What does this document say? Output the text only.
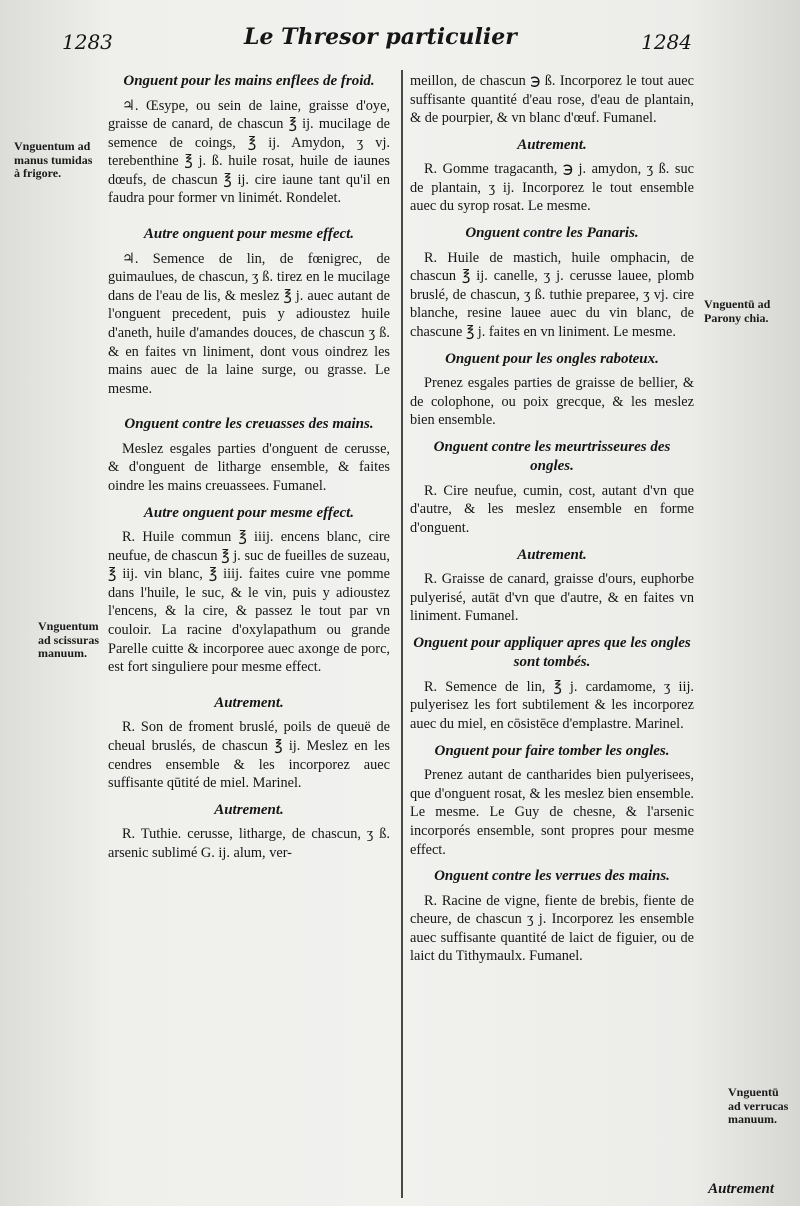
1283	Le Thresor particulier	1284
Onguent pour les mains enflees de froid.

♃. Œsype, ou sein de laine, graisse d'oye, graisse de canard, de chascun ℥ ij. mucilage de semence de coings, ℥ ij. Amydon, ʒ vj. terebenthine ℥ j. ß. huile rosat, huile de iaunes dœufs, de chascun ℥ ij. cire iaune tant qu'il en faudra pour former vn linimét. Rondelet.

Autre onguent pour mesme effect.

♃. Semence de lin, de fœnigrec, de guimaulues, de chascun, ʒ ß. tirez en le mucilage dans de l'eau de lis, & meslez ℥ j. auec autant de l'onguent precedent, puis y adioustez huile d'aneth, huile d'amandes douces, de chascun ʒ ß. & en faites vn liniment, dont vous oindrez les mains auec de la laine surge, ou grasse. Le mesme.

Onguent contre les creuasses des mains.

Meslez esgales parties d'onguent de cerusse, & d'onguent de litharge ensemble, & faites oindre les mains creuassees. Fumanel.

Autre onguent pour mesme effect.

R. Huile commun ℥ iiij. encens blanc, cire neufue, de chascun ℥ j. suc de fueilles de suzeau, ℥ iij. vin blanc, ℥ iiij. faites cuire vne pomme dans l'huile, le suc, & le vin, puis y adioustez l'encens, & la cire, & passez le tout par vn couloir. La racine d'oxylapathum ou grande Parelle cuitte & incorporee auec axonge de porc, est fort singuliere pour mesme effect.

Autrement.

R. Son de froment bruslé, poils de queuë de cheual bruslés, de chascun ℥ ij. Meslez en les cendres ensemble & les incorporez auec suffisante qūtité de miel. Marinel.

Autrement.

R. Tuthie. cerusse, litharge, de chascun, ʒ ß. arsenic sublimé G. ij. alum, ver-

meillon, de chascun ℈ ß. Incorporez le tout auec suffisante quantité d'eau rose, d'eau de plantain, & de pourpier, & vn blanc d'œuf. Fumanel.

Autrement.

R. Gomme tragacanth, ℈ j. amydon, ʒ ß. suc de plantain, ʒ ij. Incorporez le tout ensemble auec du syrop rosat. Le mesme.

Onguent contre les Panaris.

R. Huile de mastich, huile omphacin, de chascun ℥ ij. canelle, ʒ j. cerusse lauee, plomb bruslé, de chascun, ʒ ß. tuthie preparee, ʒ vj. cire blanche, resine lauee auec du vin blanc, de chascune ℥ j. faites en vn liniment. Le mesme.

Onguent pour les ongles raboteux.

Prenez esgales parties de graisse de bellier, & de colophone, ou poix grecque, & les meslez bien ensemble.

Onguent contre les meurtrisseures des ongles.

R. Cire neufue, cumin, cost, autant d'vn que d'autre, & les meslez ensemble en forme d'onguent.

Autrement.

R. Graisse de canard, graisse d'ours, euphorbe pulуerisé, autāt d'vn que d'autre, & en faites vn liniment. Fumanel.

Onguent pour appliquer apres que les ongles sont tombés.

R. Semence de lin, ℥ j. cardamome, ʒ iij. pulуerisez les fort subtilement & les incorporez auec du miel, en cōsistēce d'emplastre. Marinel.

Onguent pour faire tomber les ongles.

Prenez autant de cantharides bien pulуerisees, que d'onguent rosat, & les meslez bien ensemble. Le mesme. Le Guy de chesne, & l'arsenic incorporés ensemble, sont propres pour mesme effect.

Onguent contre les verrues des mains.

R. Racine de vigne, fiente de brebis, fiente de cheure, de chascun ʒ j. Incorporez les ensemble auec suffisante quantité de laict de figuier, ou de laict du Tithymaulx. Fumanel.

Vnguentum ad manus tumidas à frigore.
Vnguentum ad scissuras manuum.
Vnguentū ad Parony chia.
Vnguentū ad verrucas manuum.
Autrement
